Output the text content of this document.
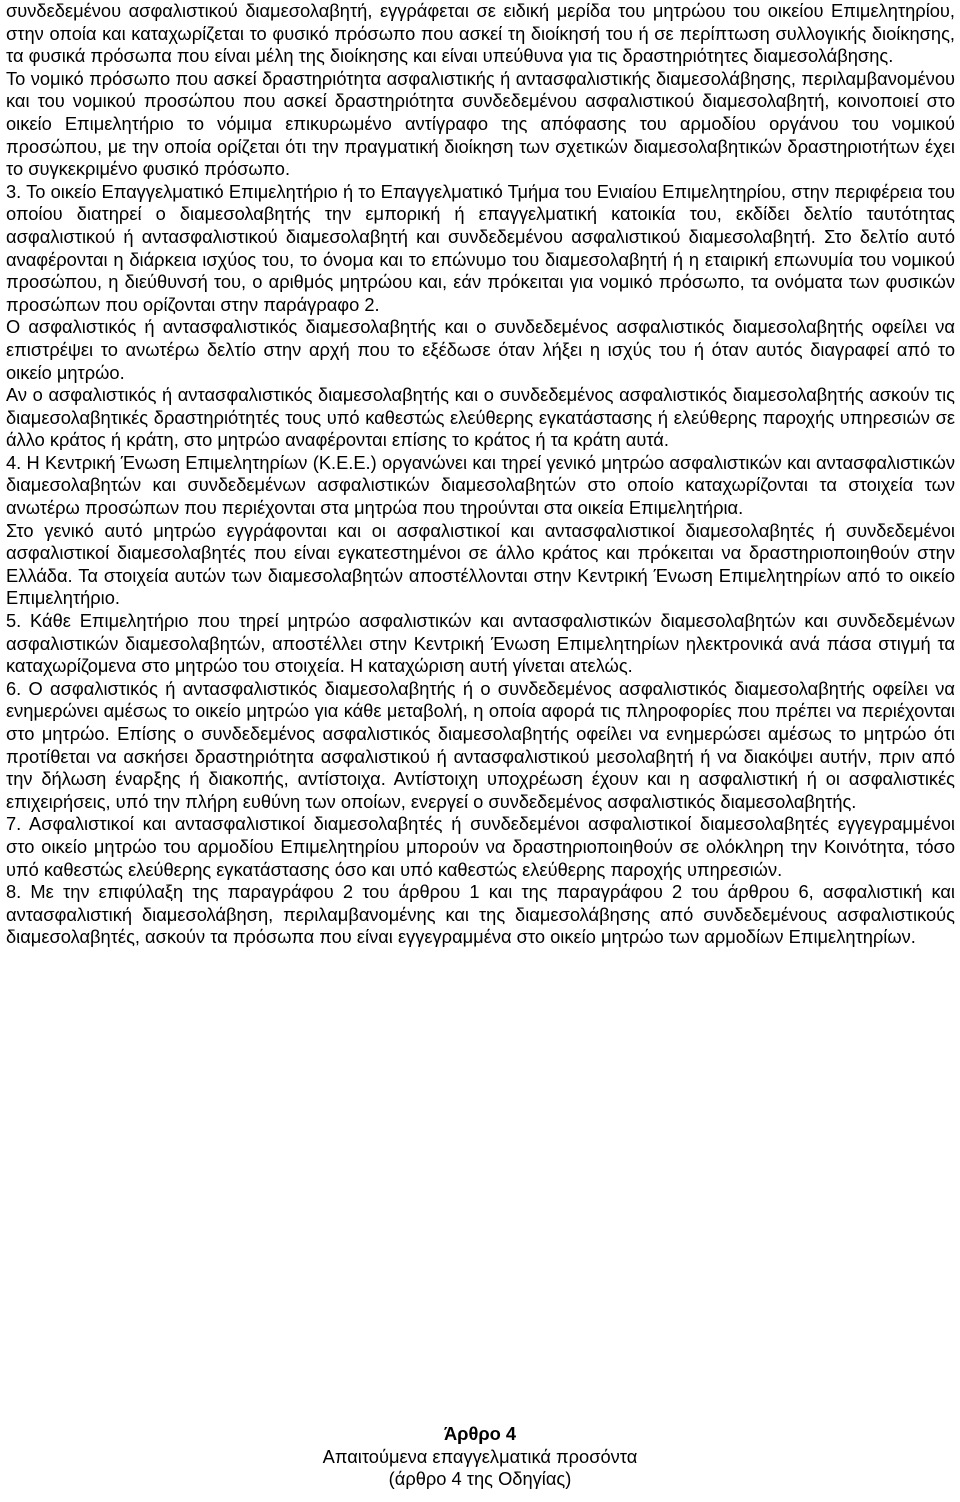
συνδεδεμένου ασφαλιστικού διαμεσολαβητή, εγγράφεται σε ειδική μερίδα του μητρώου του οικείου Επιμελητηρίου, στην οποία και καταχωρίζεται το φυσικό πρόσωπο που ασκεί τη διοίκησή του ή σε περίπτωση συλλογικής διοίκησης, τα φυσικά πρόσωπα που είναι μέλη της διοίκησης και είναι υπεύθυνα για τις δραστηριότητες διαμεσολάβησης.

Το νομικό πρόσωπο που ασκεί δραστηριότητα ασφαλιστικής ή αντασφαλιστικής διαμεσολάβησης, περιλαμβανομένου και του νομικού προσώπου που ασκεί δραστηριότητα συνδεδεμένου ασφαλιστικού διαμεσολαβητή, κοινοποιεί στο οικείο Επιμελητήριο το νόμιμα επικυρωμένο αντίγραφο της απόφασης του αρμοδίου οργάνου του νομικού προσώπου, με την οποία ορίζεται ότι την πραγματική διοίκηση των σχετικών διαμεσολαβητικών δραστηριοτήτων έχει το συγκεκριμένο φυσικό πρόσωπο.

3. Το οικείο Επαγγελματικό Επιμελητήριο ή το Επαγγελματικό Τμήμα του Ενιαίου Επιμελητηρίου, στην περιφέρεια του οποίου διατηρεί ο διαμεσολαβητής την εμπορική ή επαγγελματική κατοικία του, εκδίδει δελτίο ταυτότητας ασφαλιστικού ή αντασφαλιστικού διαμεσολαβητή και συνδεδεμένου ασφαλιστικού διαμεσολαβητή. Στο δελτίο αυτό αναφέρονται η διάρκεια ισχύος του, το όνομα και το επώνυμο του διαμεσολαβητή ή η εταιρική επωνυμία του νομικού προσώπου, η διεύθυνσή του, ο αριθμός μητρώου και, εάν πρόκειται για νομικό πρόσωπο, τα ονόματα των φυσικών προσώπων που ορίζονται στην παράγραφο 2.

Ο ασφαλιστικός ή αντασφαλιστικός διαμεσολαβητής και ο συνδεδεμένος ασφαλιστικός διαμεσολαβητής οφείλει να επιστρέψει το ανωτέρω δελτίο στην αρχή που το εξέδωσε όταν λήξει η ισχύς του ή όταν αυτός διαγραφεί από το οικείο μητρώο.

Αν ο ασφαλιστικός ή αντασφαλιστικός διαμεσολαβητής και ο συνδεδεμένος ασφαλιστικός διαμεσολαβητής ασκούν τις διαμεσολαβητικές δραστηριότητές τους υπό καθεστώς ελεύθερης εγκατάστασης ή ελεύθερης παροχής υπηρεσιών σε άλλο κράτος ή κράτη, στο μητρώο αναφέρονται επίσης το κράτος ή τα κράτη αυτά.

4. Η Κεντρική Ένωση Επιμελητηρίων (Κ.Ε.Ε.) οργανώνει και τηρεί γενικό μητρώο ασφαλιστικών και αντασφαλιστικών διαμεσολαβητών και συνδεδεμένων ασφαλιστικών διαμεσολαβητών στο οποίο καταχωρίζονται τα στοιχεία των ανωτέρω προσώπων που περιέχονται στα μητρώα που τηρούνται στα οικεία Επιμελητήρια.

Στο γενικό αυτό μητρώο εγγράφονται και οι ασφαλιστικοί και αντασφαλιστικοί διαμεσολαβητές ή συνδεδεμένοι ασφαλιστικοί διαμεσολαβητές που είναι εγκατεστημένοι σε άλλο κράτος και πρόκειται να δραστηριοποιηθούν στην Ελλάδα. Τα στοιχεία αυτών των διαμεσολαβητών αποστέλλονται στην Κεντρική Ένωση Επιμελητηρίων από το οικείο Επιμελητήριο.

5. Κάθε Επιμελητήριο που τηρεί μητρώο ασφαλιστικών και αντασφαλιστικών διαμεσολαβητών και συνδεδεμένων ασφαλιστικών διαμεσολαβητών, αποστέλλει στην Κεντρική Ένωση Επιμελητηρίων ηλεκτρονικά ανά πάσα στιγμή τα καταχωρίζομενα στο μητρώο του στοιχεία. Η καταχώριση αυτή γίνεται ατελώς.

6. Ο ασφαλιστικός ή αντασφαλιστικός διαμεσολαβητής ή ο συνδεδεμένος ασφαλιστικός διαμεσολαβητής οφείλει να ενημερώνει αμέσως το οικείο μητρώο για κάθε μεταβολή, η οποία αφορά τις πληροφορίες που πρέπει να περιέχονται στο μητρώο. Επίσης ο συνδεδεμένος ασφαλιστικός διαμεσολαβητής οφείλει να ενημερώσει αμέσως το μητρώο ότι προτίθεται να ασκήσει δραστηριότητα ασφαλιστικού ή αντασφαλιστικού μεσολαβητή ή να διακόψει αυτήν, πριν από την δήλωση έναρξης ή διακοπής, αντίστοιχα. Αντίστοιχη υποχρέωση έχουν και η ασφαλιστική ή οι ασφαλιστικές επιχειρήσεις, υπό την πλήρη ευθύνη των οποίων, ενεργεί ο συνδεδεμένος ασφαλιστικός διαμεσολαβητής.

7. Ασφαλιστικοί και αντασφαλιστικοί διαμεσολαβητές ή συνδεδεμένοι ασφαλιστικοί διαμεσολαβητές εγγεγραμμένοι στο οικείο μητρώο του αρμοδίου Επιμελητηρίου μπορούν να δραστηριοποιηθούν σε ολόκληρη την Κοινότητα, τόσο υπό καθεστώς ελεύθερης εγκατάστασης όσο και υπό καθεστώς ελεύθερης παροχής υπηρεσιών.

8. Με την επιφύλαξη της παραγράφου 2 του άρθρου 1 και της παραγράφου 2 του άρθρου 6, ασφαλιστική και αντασφαλιστική διαμεσολάβηση, περιλαμβανομένης και της διαμεσολάβησης από συνδεδεμένους ασφαλιστικούς διαμεσολαβητές, ασκούν τα πρόσωπα που είναι εγγεγραμμένα στο οικείο μητρώο των αρμοδίων Επιμελητηρίων.

Άρθρο 4
Απαιτούμενα επαγγελματικά προσόντα
(άρθρο 4 της Οδηγίας)
